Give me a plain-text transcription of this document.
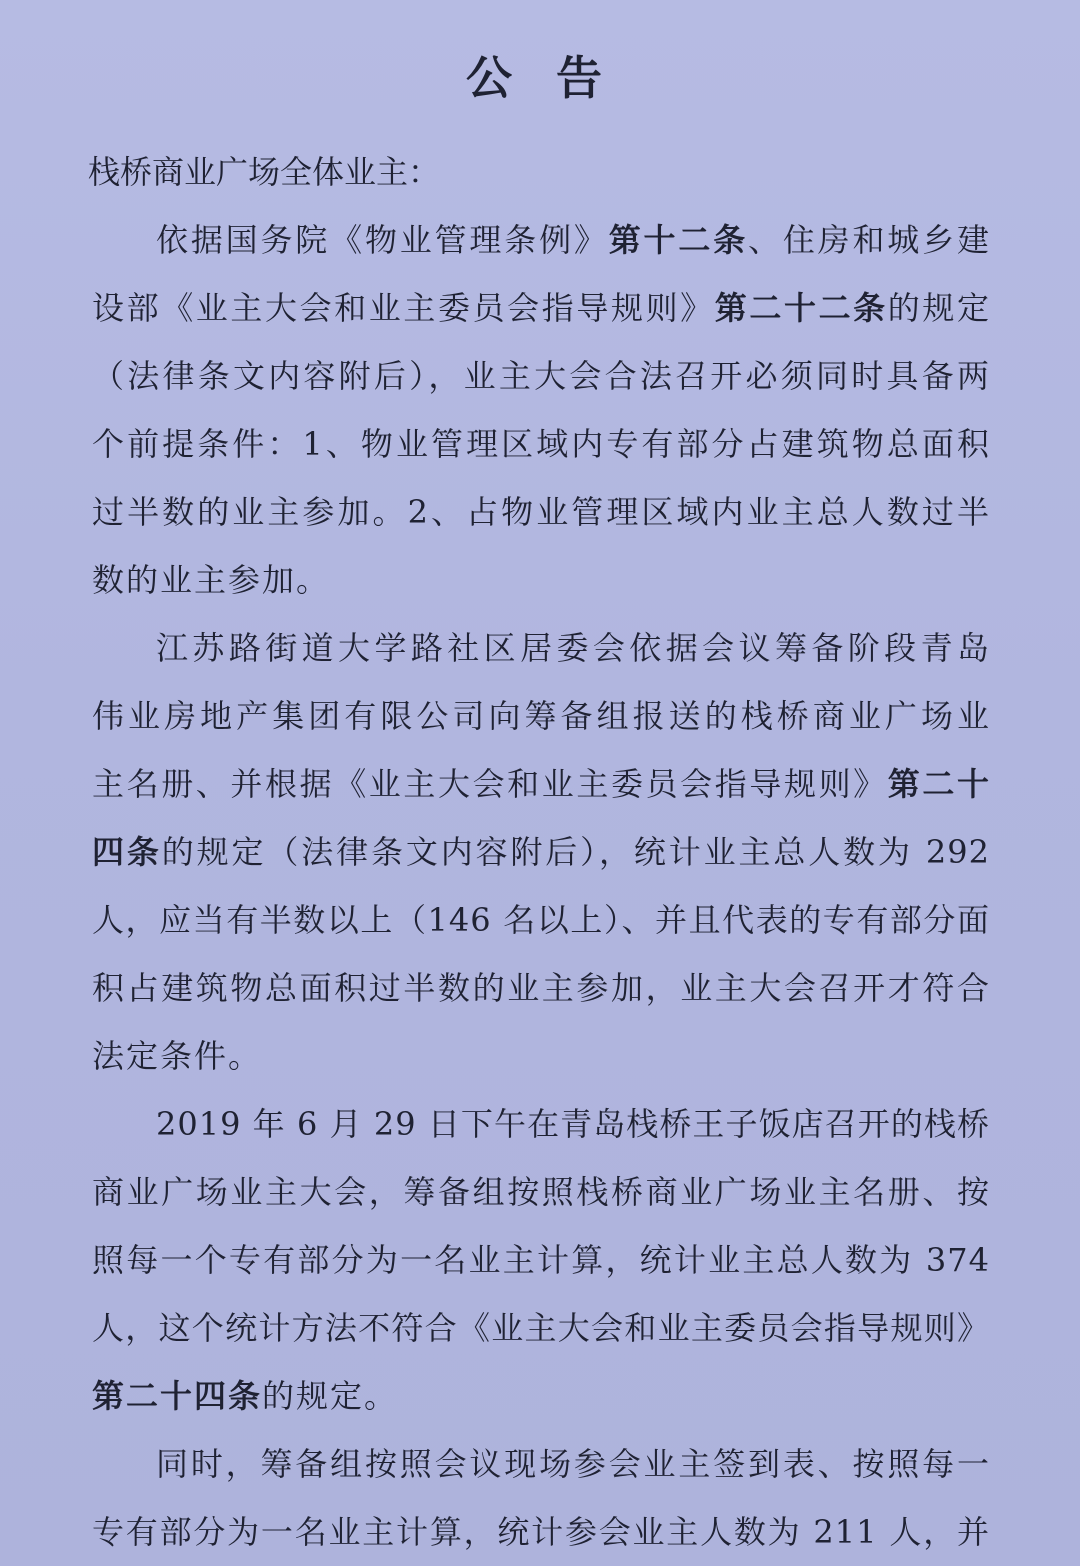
公 告
栈桥商业广场全体业主：
依据国务院《物业管理条例》第十二条、住房和城乡建
设部《业主大会和业主委员会指导规则》第二十二条的规定
（法律条文内容附后），业主大会合法召开必须同时具备两
个前提条件：1、物业管理区域内专有部分占建筑物总面积
过半数的业主参加。2、占物业管理区域内业主总人数过半
数的业主参加。
江苏路街道大学路社区居委会依据会议筹备阶段青岛
伟业房地产集团有限公司向筹备组报送的栈桥商业广场业
主名册、并根据《业主大会和业主委员会指导规则》第二十
四条的规定（法律条文内容附后），统计业主总人数为 292
人，应当有半数以上（146 名以上）、并且代表的专有部分面
积占建筑物总面积过半数的业主参加，业主大会召开才符合
法定条件。
2019 年 6 月 29 日下午在青岛栈桥王子饭店召开的栈桥
商业广场业主大会，筹备组按照栈桥商业广场业主名册、按
照每一个专有部分为一名业主计算，统计业主总人数为 374
人，这个统计方法不符合《业主大会和业主委员会指导规则》
第二十四条的规定。
同时，筹备组按照会议现场参会业主签到表、按照每一
专有部分为一名业主计算，统计参会业主人数为 211 人，并
